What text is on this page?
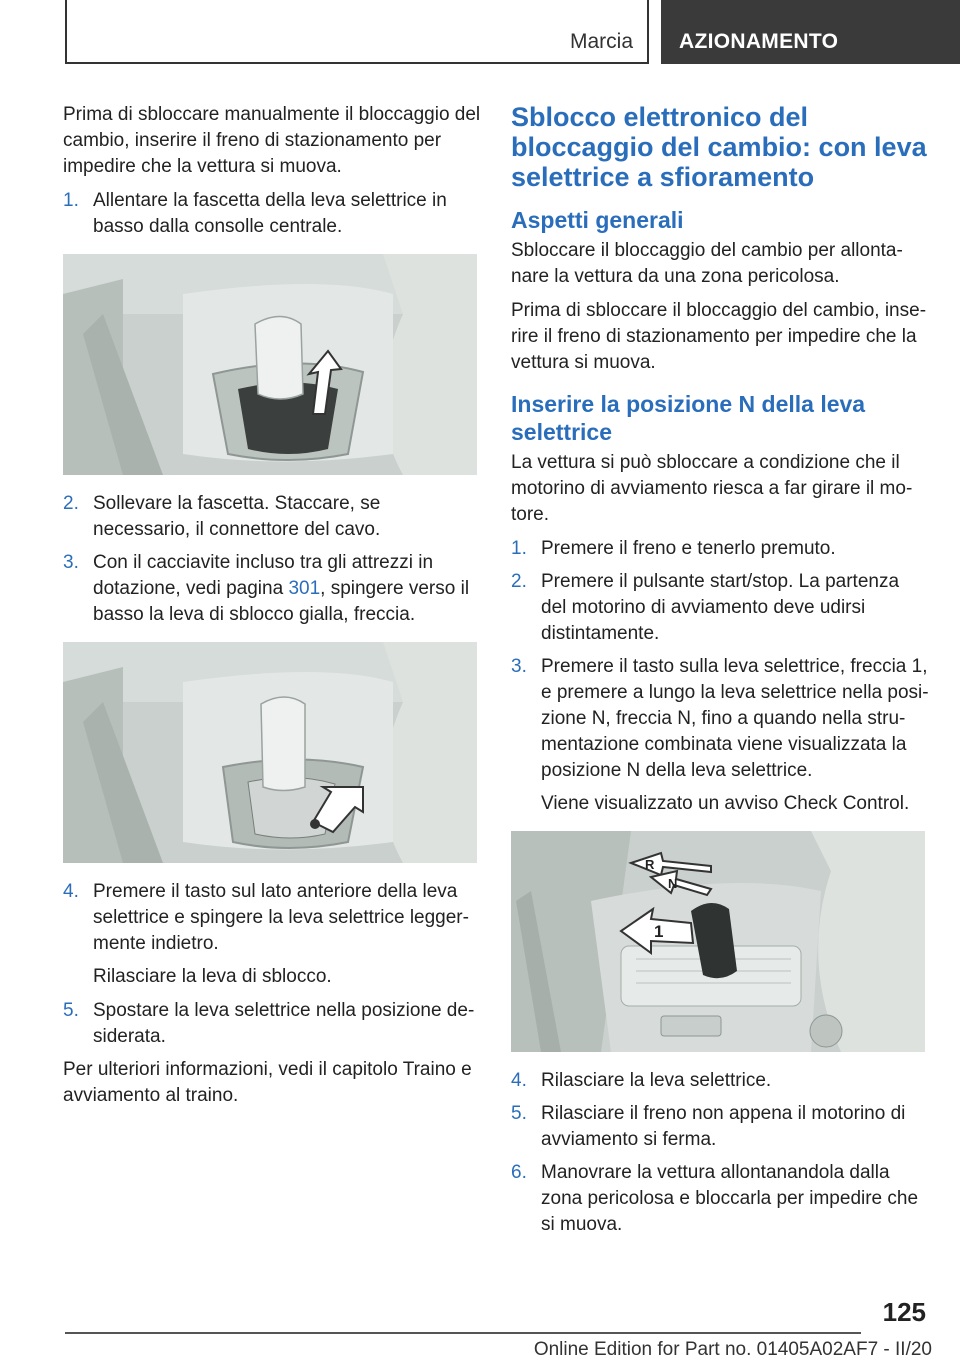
Marcia AZIONAMENTO

Prima di sbloccare manualmente il bloccaggio del cambio, inserire il freno di stazionamento per impedire che la vettura si muova.

1. Allentare la fascetta della leva selettrice in basso dalla consolle centrale.
2. Sollevare la fascetta. Staccare, se necessario, il connettore del cavo.
3. Con il cacciavite incluso tra gli attrezzi in dotazione, vedi pagina 301, spingere verso il basso la leva di sblocco gialla, freccia.
4. Premere il tasto sul lato anteriore della leva selettrice e spingere la leva selettrice leggermente indietro.

Rilasciare la leva di sblocco.

5. Spostare la leva selettrice nella posizione desiderata.

Per ulteriori informazioni, vedi il capitolo Traino e avviamento al traino.

Sblocco elettronico del bloccaggio del cambio: con leva selettrice a sfioramento
Aspetti generali

Sbloccare il bloccaggio del cambio per allontanare la vettura da una zona pericolosa.

Prima di sbloccare il bloccaggio del cambio, inserire il freno di stazionamento per impedire che la vettura si muova.

Inserire la posizione N della leva selettrice

La vettura si può sbloccare a condizione che il motorino di avviamento riesca a far girare il motore.

1. Premere il freno e tenerlo premuto.
2. Premere il pulsante start/stop. La partenza del motorino di avviamento deve udirsi distintamente.
3. Premere il tasto sulla leva selettrice, freccia 1, e premere a lungo la leva selettrice nella posizione N, freccia N, fino a quando nella strumentazione combinata viene visualizzata la posizione N della leva selettrice.

Viene visualizzato un avviso Check Control.

R
N
1
4. Rilasciare la leva selettrice.
5. Rilasciare il freno non appena il motorino di avviamento si ferma.
6. Manovrare la vettura allontanandola dalla zona pericolosa e bloccarla per impedire che si muova.
125
Online Edition for Part no. 01405A02AF7 - II/20
